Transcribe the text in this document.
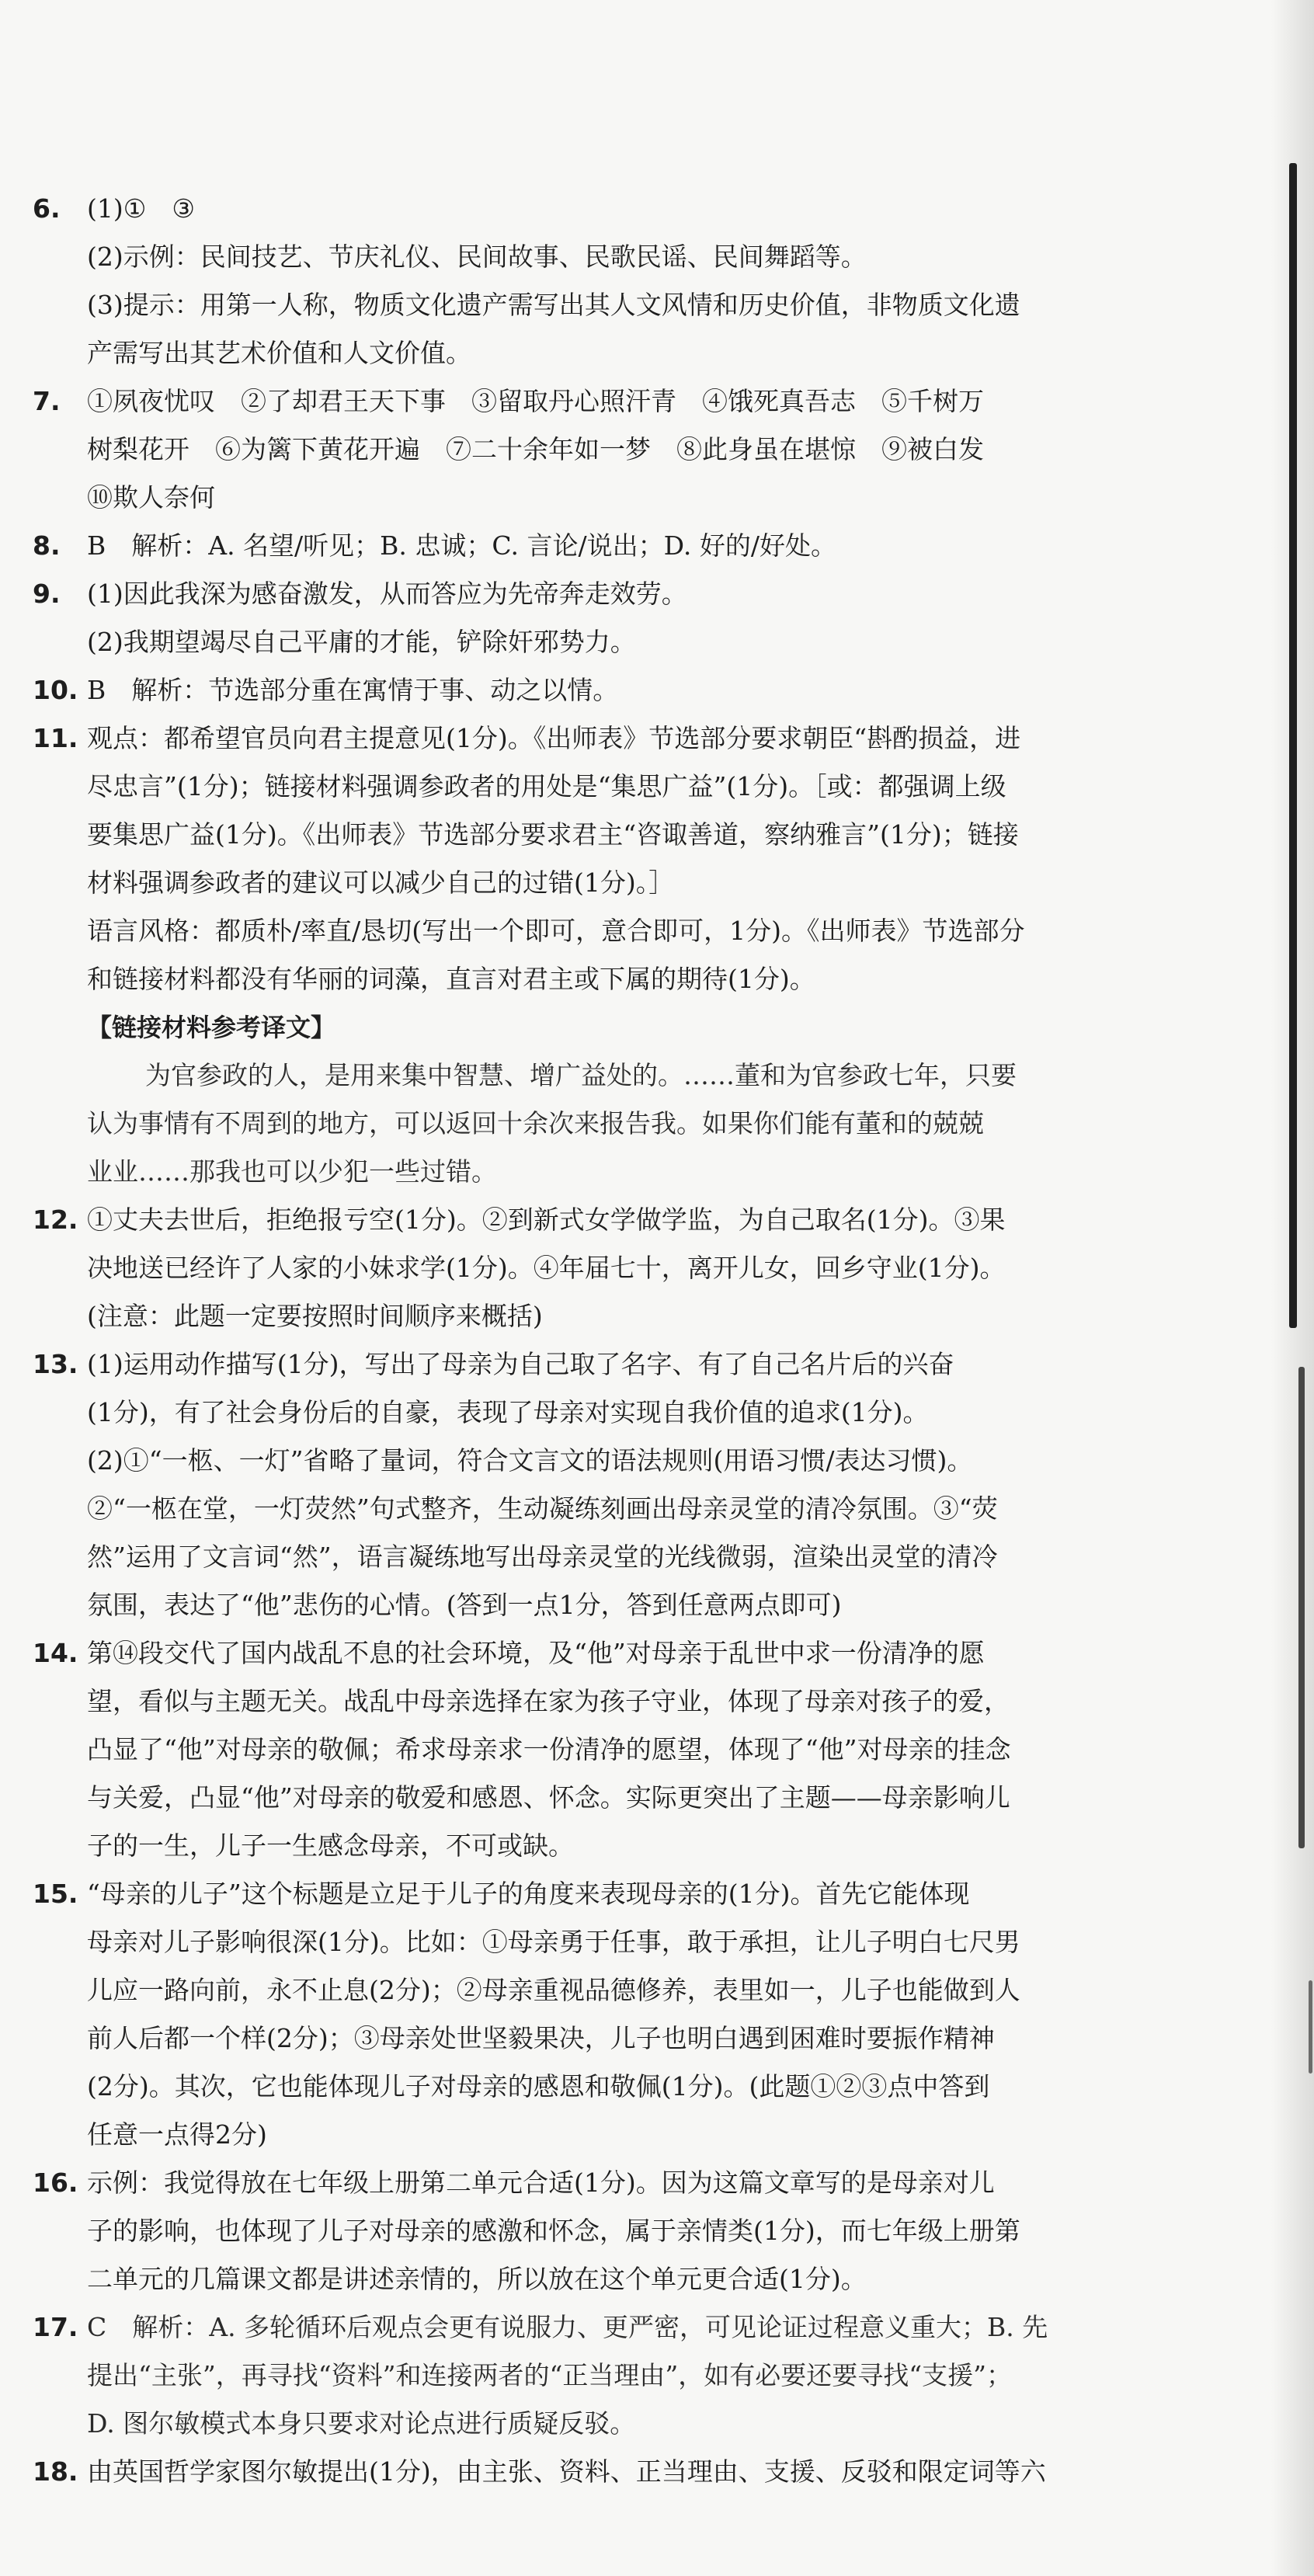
6.	(1)①　③
(2)示例：民间技艺、节庆礼仪、民间故事、民歌民谣、民间舞蹈等。
(3)提示：用第一人称，物质文化遗产需写出其人文风情和历史价值，非物质文化遗
产需写出其艺术价值和人文价值。
7.	①夙夜忧叹　②了却君王天下事　③留取丹心照汗青　④饿死真吾志　⑤千树万
树梨花开　⑥为篱下黄花开遍　⑦二十余年如一梦　⑧此身虽在堪惊　⑨被白发
⑩欺人奈何
8.	B　解析：A. 名望/听见；B. 忠诚；C. 言论/说出；D. 好的/好处。
9.	(1)因此我深为感奋激发，从而答应为先帝奔走效劳。
(2)我期望竭尽自己平庸的才能，铲除奸邪势力。
10. B　解析：节选部分重在寓情于事、动之以情。
11. 观点：都希望官员向君主提意见(1分)。《出师表》节选部分要求朝臣“斟酌损益，进
尽忠言”(1分)；链接材料强调参政者的用处是“集思广益”(1分)。［或：都强调上级
要集思广益(1分)。《出师表》节选部分要求君主“咨诹善道，察纳雅言”(1分)；链接
材料强调参政者的建议可以减少自己的过错(1分)。］
语言风格：都质朴/率直/恳切(写出一个即可，意合即可，1分)。《出师表》节选部分
和链接材料都没有华丽的词藻，直言对君主或下属的期待(1分)。
【链接材料参考译文】
为官参政的人，是用来集中智慧、增广益处的。……董和为官参政七年，只要
认为事情有不周到的地方，可以返回十余次来报告我。如果你们能有董和的兢兢
业业……那我也可以少犯一些过错。
12. ①丈夫去世后，拒绝报亏空(1分)。②到新式女学做学监，为自己取名(1分)。③果
决地送已经许了人家的小妹求学(1分)。④年届七十，离开儿女，回乡守业(1分)。
(注意：此题一定要按照时间顺序来概括)
13. (1)运用动作描写(1分)，写出了母亲为自己取了名字、有了自己名片后的兴奋
(1分)，有了社会身份后的自豪，表现了母亲对实现自我价值的追求(1分)。
(2)①“一柩、一灯”省略了量词，符合文言文的语法规则(用语习惯/表达习惯)。
②“一柩在堂，一灯荧然”句式整齐，生动凝练刻画出母亲灵堂的清冷氛围。③“荧
然”运用了文言词“然”，语言凝练地写出母亲灵堂的光线微弱，渲染出灵堂的清冷
氛围，表达了“他”悲伤的心情。(答到一点1分，答到任意两点即可)
14. 第⑭段交代了国内战乱不息的社会环境，及“他”对母亲于乱世中求一份清净的愿
望，看似与主题无关。战乱中母亲选择在家为孩子守业，体现了母亲对孩子的爱，
凸显了“他”对母亲的敬佩；希求母亲求一份清净的愿望，体现了“他”对母亲的挂念
与关爱，凸显“他”对母亲的敬爱和感恩、怀念。实际更突出了主题——母亲影响儿
子的一生，儿子一生感念母亲，不可或缺。
15. “母亲的儿子”这个标题是立足于儿子的角度来表现母亲的(1分)。首先它能体现
母亲对儿子影响很深(1分)。比如：①母亲勇于任事，敢于承担，让儿子明白七尺男
儿应一路向前，永不止息(2分)；②母亲重视品德修养，表里如一，儿子也能做到人
前人后都一个样(2分)；③母亲处世坚毅果决，儿子也明白遇到困难时要振作精神
(2分)。其次，它也能体现儿子对母亲的感恩和敬佩(1分)。(此题①②③点中答到
任意一点得2分)
16. 示例：我觉得放在七年级上册第二单元合适(1分)。因为这篇文章写的是母亲对儿
子的影响，也体现了儿子对母亲的感激和怀念，属于亲情类(1分)，而七年级上册第
二单元的几篇课文都是讲述亲情的，所以放在这个单元更合适(1分)。
17. C　解析：A. 多轮循环后观点会更有说服力、更严密，可见论证过程意义重大；B. 先
提出“主张”，再寻找“资料”和连接两者的“正当理由”，如有必要还要寻找“支援”；
D. 图尔敏模式本身只要求对论点进行质疑反驳。
18. 由英国哲学家图尔敏提出(1分)，由主张、资料、正当理由、支援、反驳和限定词等六
